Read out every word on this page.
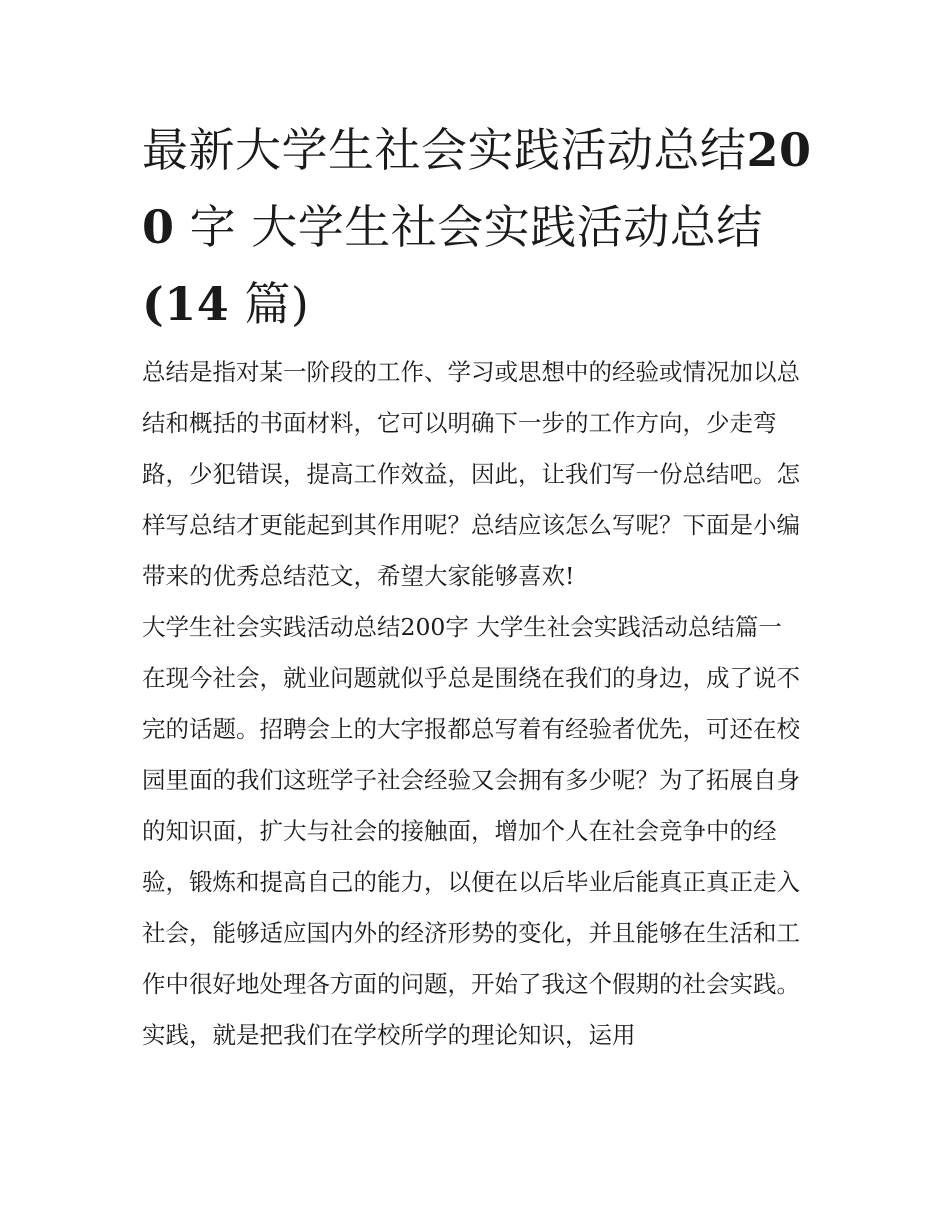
最新大学生社会实践活动总结200 字 大学生社会实践活动总结(14 篇)

总结是指对某一阶段的工作、学习或思想中的经验或情况加以总结和概括的书面材料，它可以明确下一步的工作方向，少走弯路，少犯错误，提高工作效益，因此，让我们写一份总结吧。怎样写总结才更能起到其作用呢？总结应该怎么写呢？下面是小编带来的优秀总结范文，希望大家能够喜欢!

大学生社会实践活动总结200字 大学生社会实践活动总结篇一

在现今社会，就业问题就似乎总是围绕在我们的身边，成了说不完的话题。招聘会上的大字报都总写着有经验者优先，可还在校园里面的我们这班学子社会经验又会拥有多少呢？为了拓展自身的知识面，扩大与社会的接触面，增加个人在社会竞争中的经验，锻炼和提高自己的能力，以便在以后毕业后能真正真正走入社会，能够适应国内外的经济形势的变化，并且能够在生活和工作中很好地处理各方面的问题，开始了我这个假期的社会实践。实践，就是把我们在学校所学的理论知识，运用
